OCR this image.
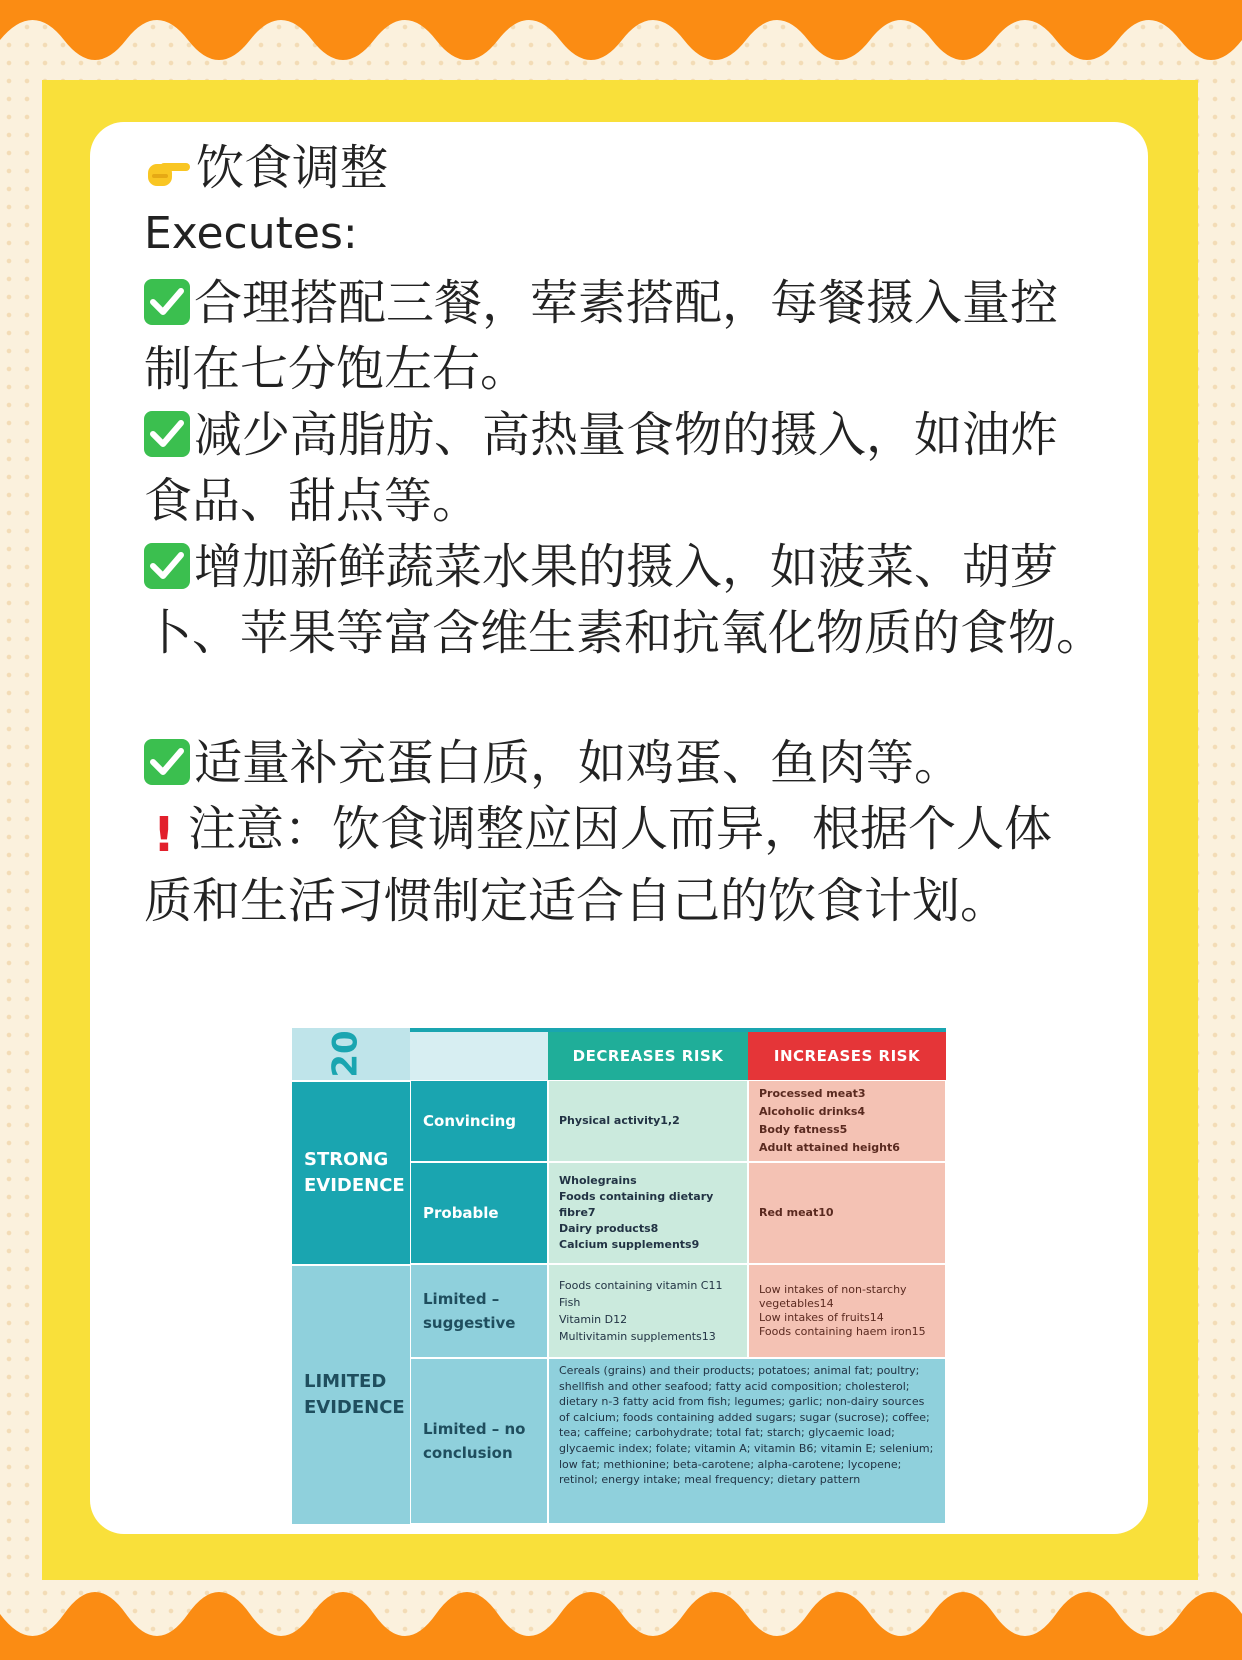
饮食调整
Executes:
合理搭配三餐，荤素搭配，每餐摄入量控
制在七分饱左右。
减少高脂肪、高热量食物的摄入，如油炸
食品、甜点等。
增加新鲜蔬菜水果的摄入，如菠菜、胡萝
卜、苹果等富含维生素和抗氧化物质的食物。
适量补充蛋白质，如鸡蛋、鱼肉等。
! 注意：饮食调整应因人而异，根据个人体
质和生活习惯制定适合自己的饮食计划。
20	DECREASES RISK	INCREASES RISK
STRONG EVIDENCE
LIMITED EVIDENCE
Convincing
Probable
Limited – suggestive
Limited – no conclusion
Physical activity1,2
Processed meat3
Alcoholic drinks4
Body fatness5
Adult attained height6
Wholegrains
Foods containing dietary fibre7
Dairy products8
Calcium supplements9
Red meat10
Foods containing vitamin C11
Fish
Vitamin D12
Multivitamin supplements13
Low intakes of non-starchy vegetables14
Low intakes of fruits14
Foods containing haem iron15
Cereals (grains) and their products; potatoes; animal fat; poultry; shellfish and other seafood; fatty acid composition; cholesterol; dietary n-3 fatty acid from fish; legumes; garlic; non-dairy sources of calcium; foods containing added sugars; sugar (sucrose); coffee; tea; caffeine; carbohydrate; total fat; starch; glycaemic load; glycaemic index; folate; vitamin A; vitamin B6; vitamin E; selenium; low fat; methionine; beta-carotene; alpha-carotene; lycopene; retinol; energy intake; meal frequency; dietary pattern
